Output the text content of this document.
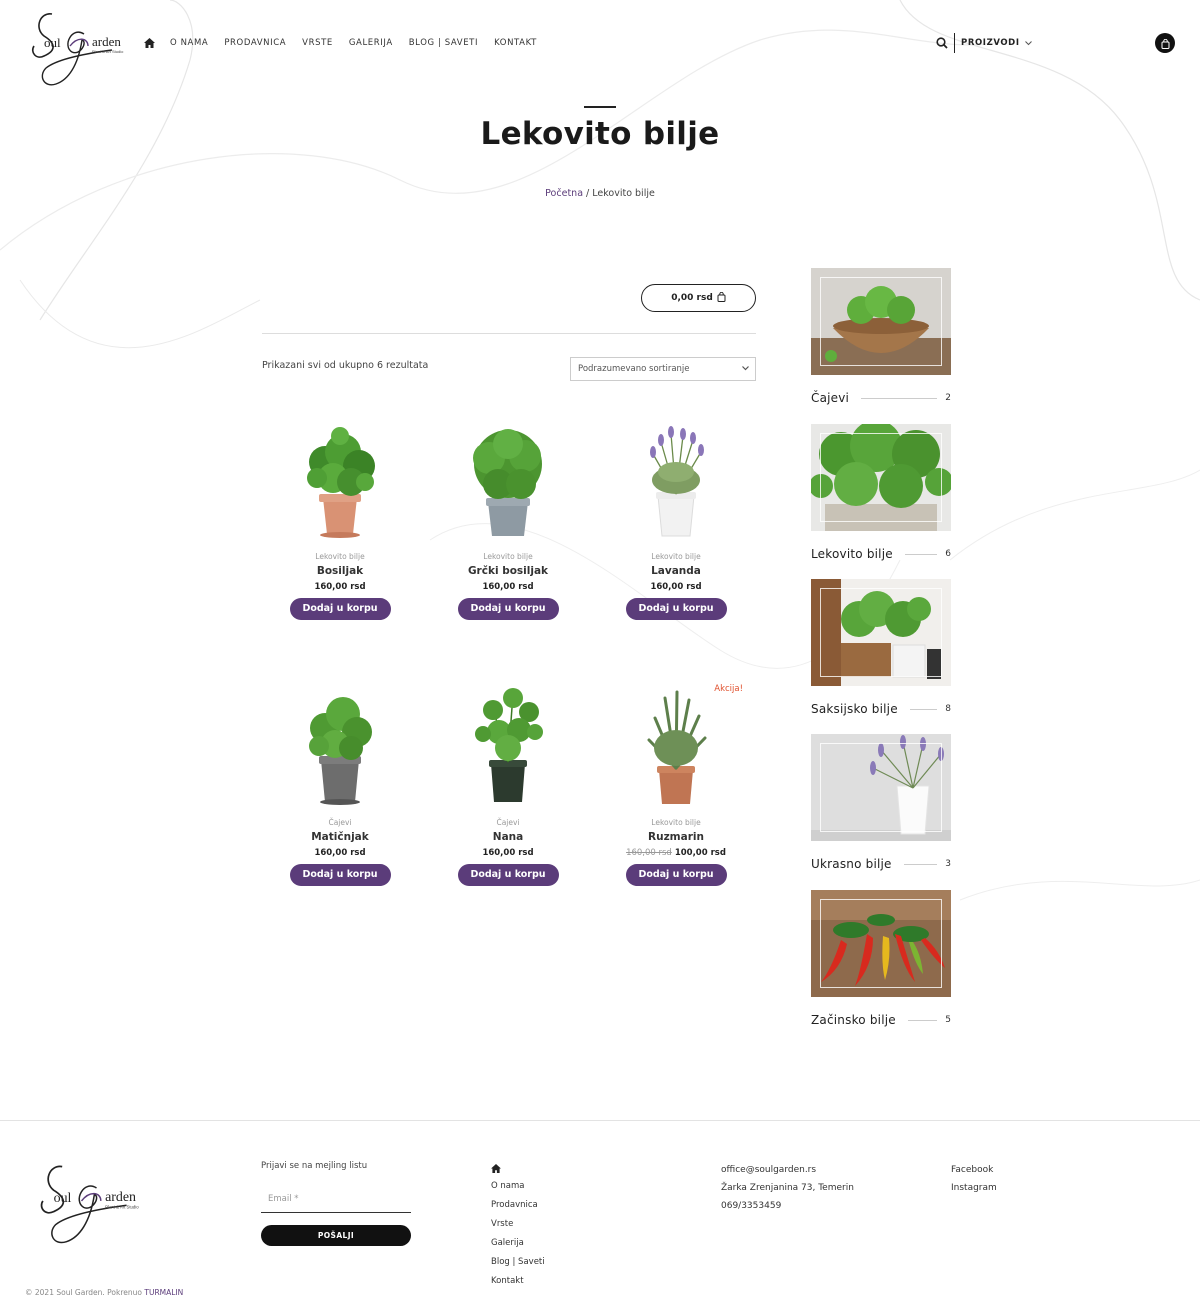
oul arden
Plant & Art Studio
O NAMA PRODAVNICA VRSTE GALERIJA BLOG | SAVETI KONTAKT	PROIZVODI
Lekovito bilje
Početna / Lekovito bilje
0,00 rsd
Prikazani svi od ukupno 6 rezultata	Podrazumevano sortiranje
Lekovito bilje
Bosiljak
160,00 rsd
Dodaj u korpu
Lekovito bilje
Grčki bosiljak
160,00 rsd
Dodaj u korpu
Lekovito bilje
Lavanda
160,00 rsd
Dodaj u korpu
Čajevi
Matičnjak
160,00 rsd
Dodaj u korpu
Čajevi
Nana
160,00 rsd
Dodaj u korpu
Akcija!
Lekovito bilje
Ruzmarin
160,00 rsd 100,00 rsd
Dodaj u korpu
Čajevi	2
Lekovito bilje	6
Saksijsko bilje	8
Ukrasno bilje	3
Začinsko bilje	5
oul	arden
Plant & Art Studio
Prijavi se na mejling listu
Email *
POŠALJI
O nama
Prodavnica
Vrste
Galerija
Blog | Saveti
Kontakt
office@soulgarden.rs
Žarka Zrenjanina 73, Temerin
069/3353459
Facebook
Instagram
© 2021 Soul Garden. Pokrenuo TURMALIN
